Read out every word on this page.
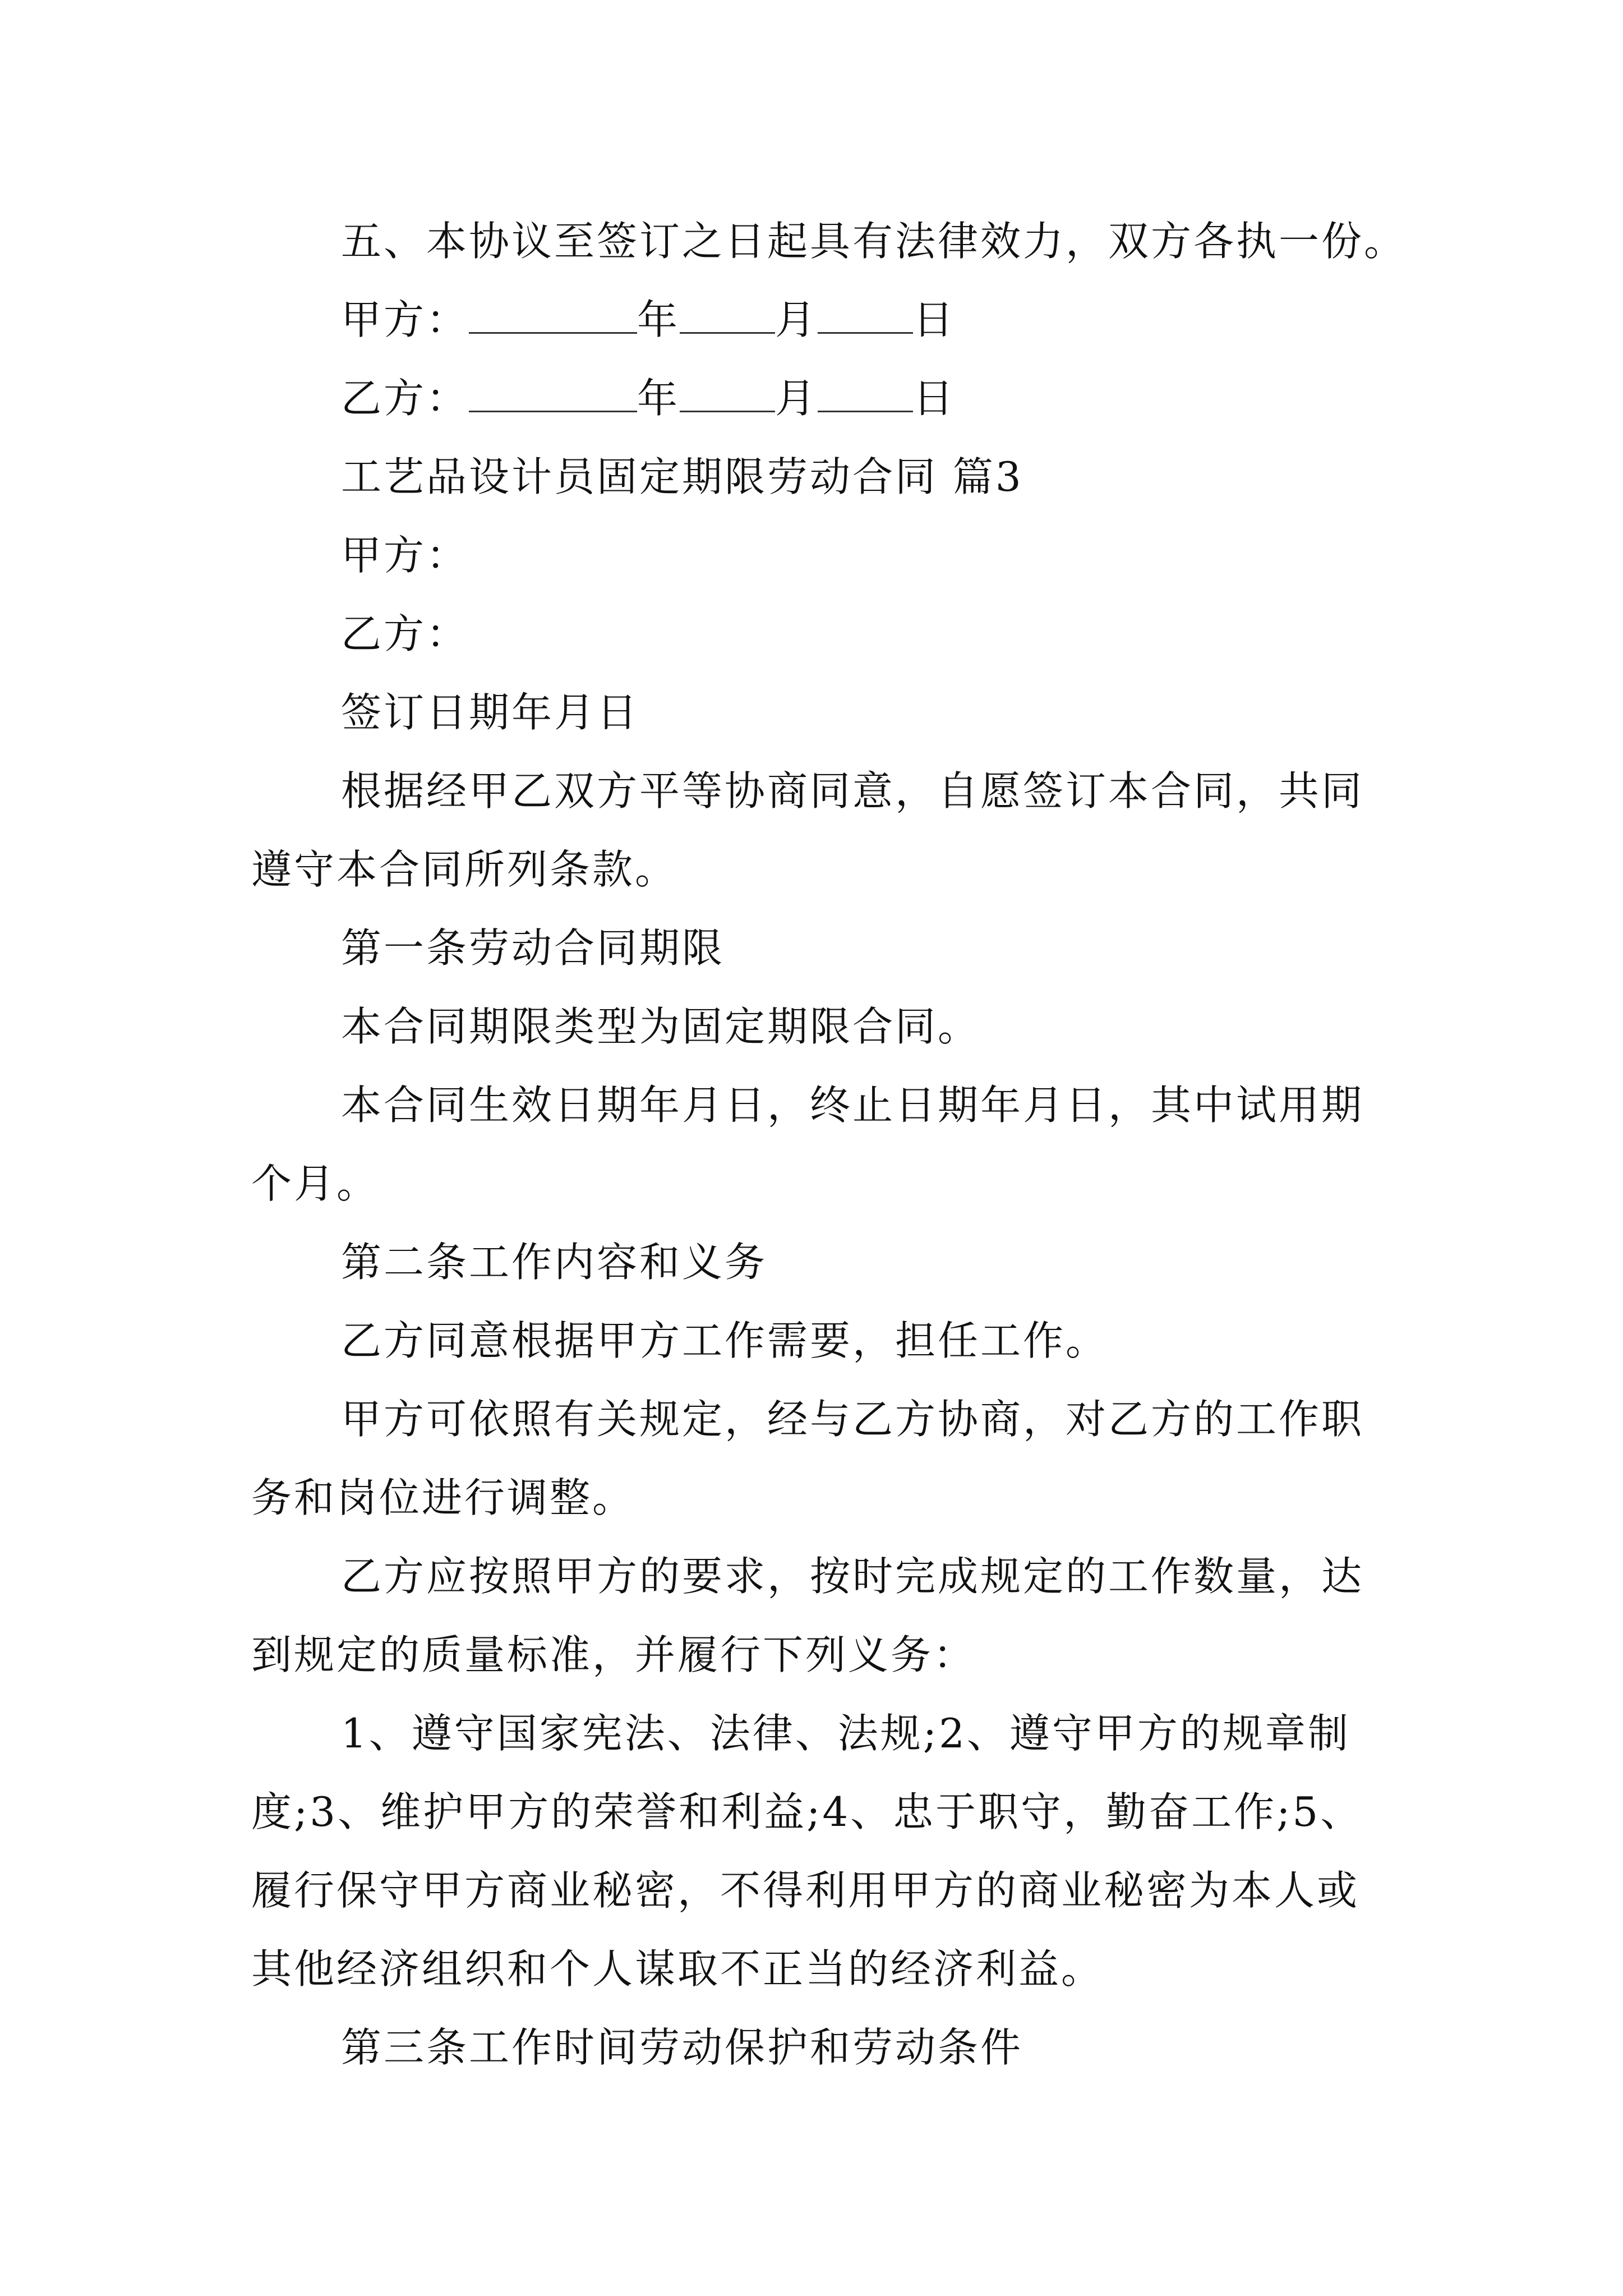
五、本协议至签订之日起具有法律效力，双方各执一份。
甲方：	年 月 日
乙方：	年 月 日
工艺品设计员固定期限劳动合同 篇3
甲方：
乙方：
签订日期年月日
根据经甲乙双方平等协商同意，自愿签订本合同，共同
遵守本合同所列条款。
第一条劳动合同期限
本合同期限类型为固定期限合同。
本合同生效日期年月日，终止日期年月日，其中试用期
个月。
第二条工作内容和义务
乙方同意根据甲方工作需要，担任工作。
甲方可依照有关规定，经与乙方协商，对乙方的工作职
务和岗位进行调整。
乙方应按照甲方的要求，按时完成规定的工作数量，达
到规定的质量标准，并履行下列义务：
1、遵守国家宪法、法律、法规;2、遵守甲方的规章制
度;3、维护甲方的荣誉和利益;4、忠于职守，勤奋工作;5、
履行保守甲方商业秘密，不得利用甲方的商业秘密为本人或
其他经济组织和个人谋取不正当的经济利益。
第三条工作时间劳动保护和劳动条件
